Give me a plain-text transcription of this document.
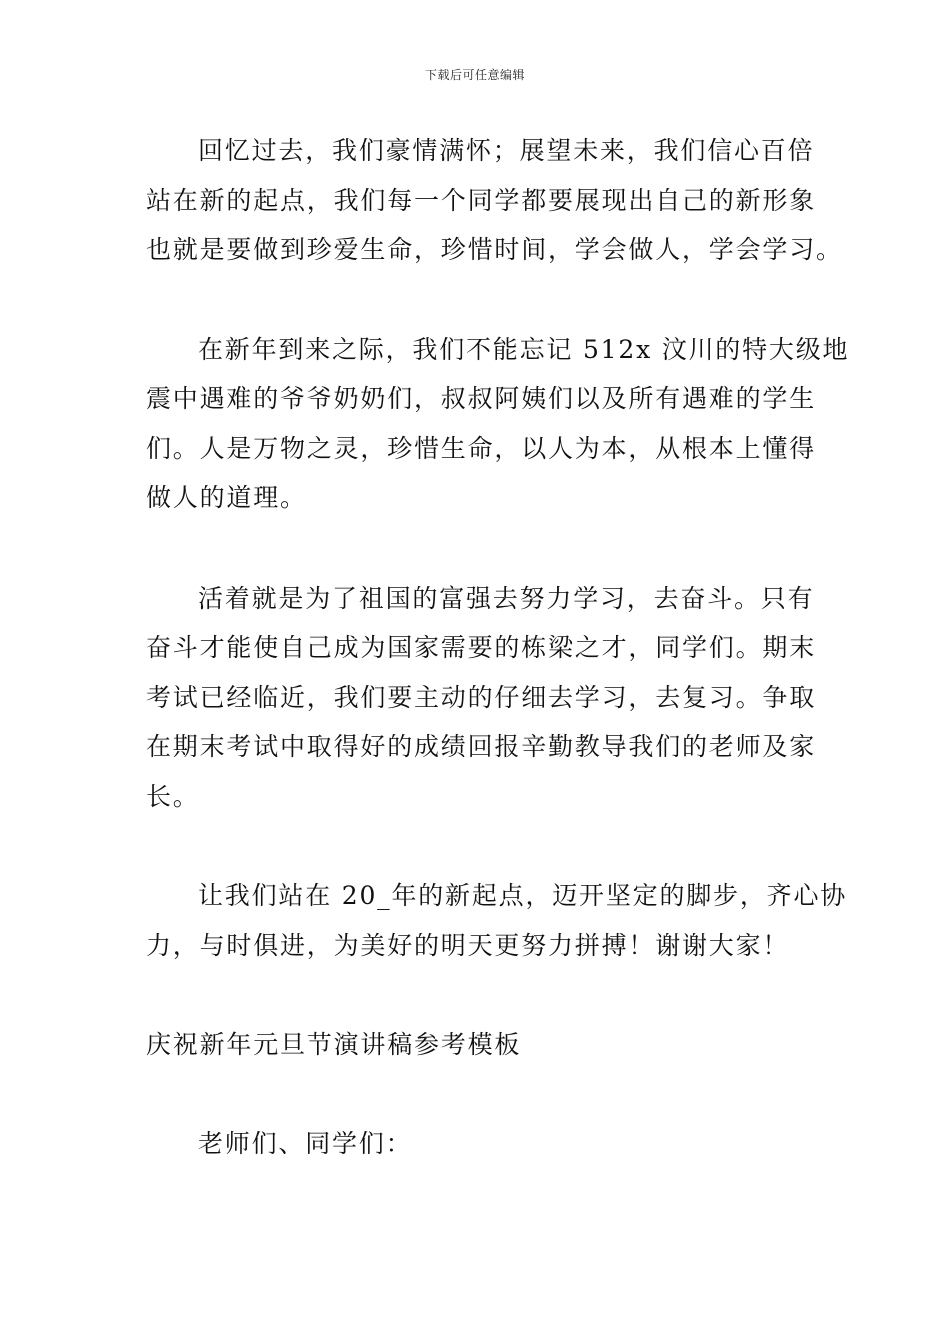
下载后可任意编辑
回忆过去，我们豪情满怀；展望未来，我们信心百倍
站在新的起点，我们每一个同学都要展现出自己的新形象
也就是要做到珍爱生命，珍惜时间，学会做人，学会学习。
在新年到来之际，我们不能忘记 512x 汶川的特大级地
震中遇难的爷爷奶奶们，叔叔阿姨们以及所有遇难的学生
们。人是万物之灵，珍惜生命，以人为本，从根本上懂得
做人的道理。
活着就是为了祖国的富强去努力学习，去奋斗。只有
奋斗才能使自己成为国家需要的栋梁之才，同学们。期末
考试已经临近，我们要主动的仔细去学习，去复习。争取
在期末考试中取得好的成绩回报辛勤教导我们的老师及家
长。
让我们站在 20_年的新起点，迈开坚定的脚步，齐心协
力，与时俱进，为美好的明天更努力拼搏！谢谢大家！
庆祝新年元旦节演讲稿参考模板
老师们、同学们：
